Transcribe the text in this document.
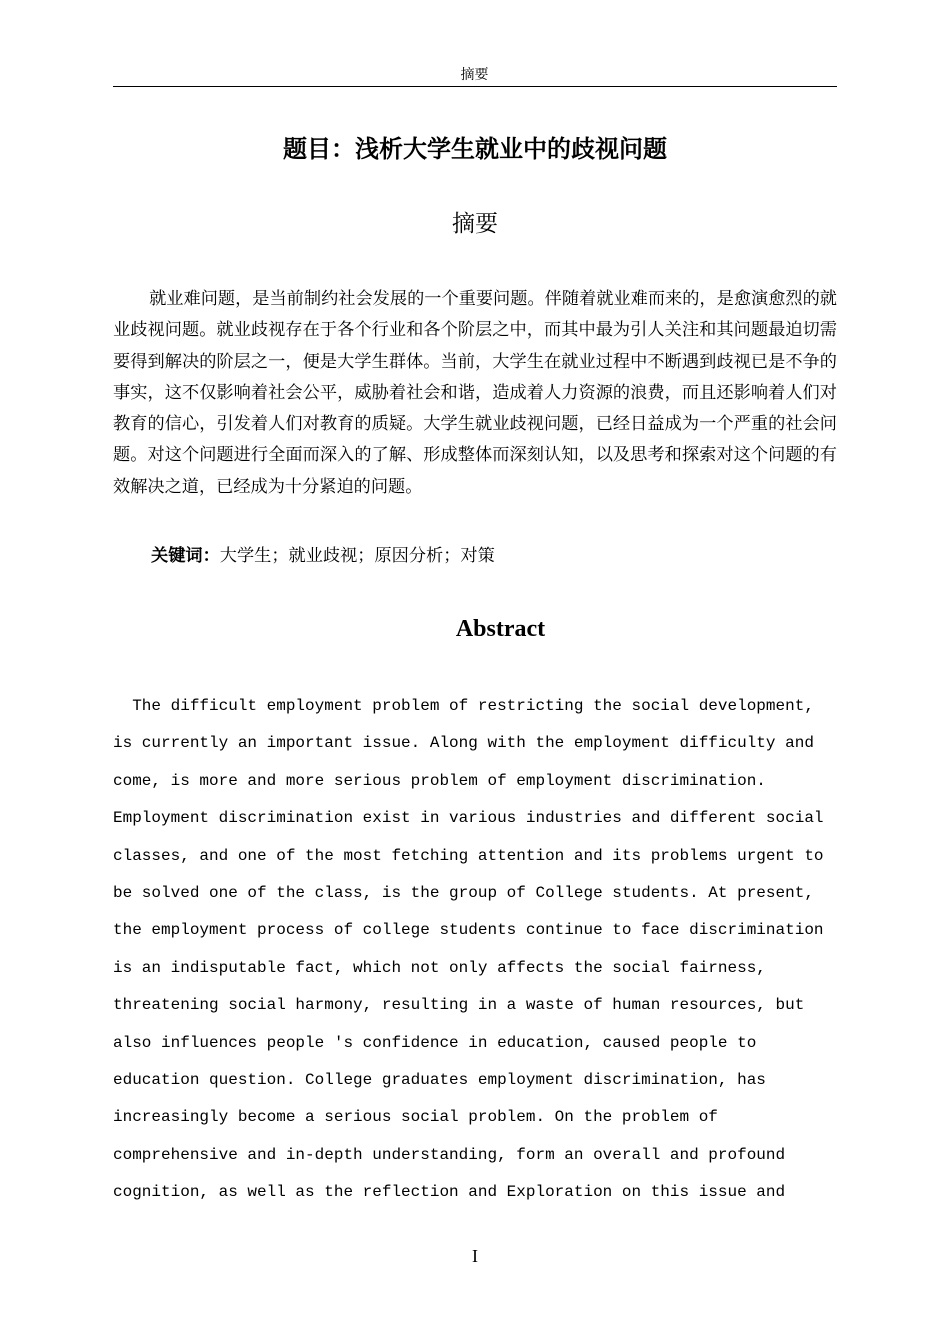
摘要
题目：浅析大学生就业中的歧视问题
摘要

就业难问题，是当前制约社会发展的一个重要问题。伴随着就业难而来的，是愈演愈烈的就业歧视问题。就业歧视存在于各个行业和各个阶层之中，而其中最为引人关注和其问题最迫切需要得到解决的阶层之一，便是大学生群体。当前，大学生在就业过程中不断遇到歧视已是不争的事实，这不仅影响着社会公平，威胁着社会和谐，造成着人力资源的浪费，而且还影响着人们对教育的信心，引发着人们对教育的质疑。大学生就业歧视问题，已经日益成为一个严重的社会问题。对这个问题进行全面而深入的了解、形成整体而深刻认知，以及思考和探索对这个问题的有效解决之道，已经成为十分紧迫的问题。

关键词：大学生；就业歧视；原因分析；对策

Abstract
The difficult employment problem of restricting the social development,
is currently an important issue. Along with the employment difficulty and
come, is more and more serious problem of employment discrimination.
Employment discrimination exist in various industries and different social
classes, and one of the most fetching attention and its problems urgent to
be solved one of the class, is the group of College students. At present,
the employment process of college students continue to face discrimination
is an indisputable fact, which not only affects the social fairness,
threatening social harmony, resulting in a waste of human resources, but
also influences people 's confidence in education, caused people to
education question. College graduates employment discrimination, has
increasingly become a serious social problem. On the problem of
comprehensive and in-depth understanding, form an overall and profound
cognition, as well as the reflection and Exploration on this issue and
I
